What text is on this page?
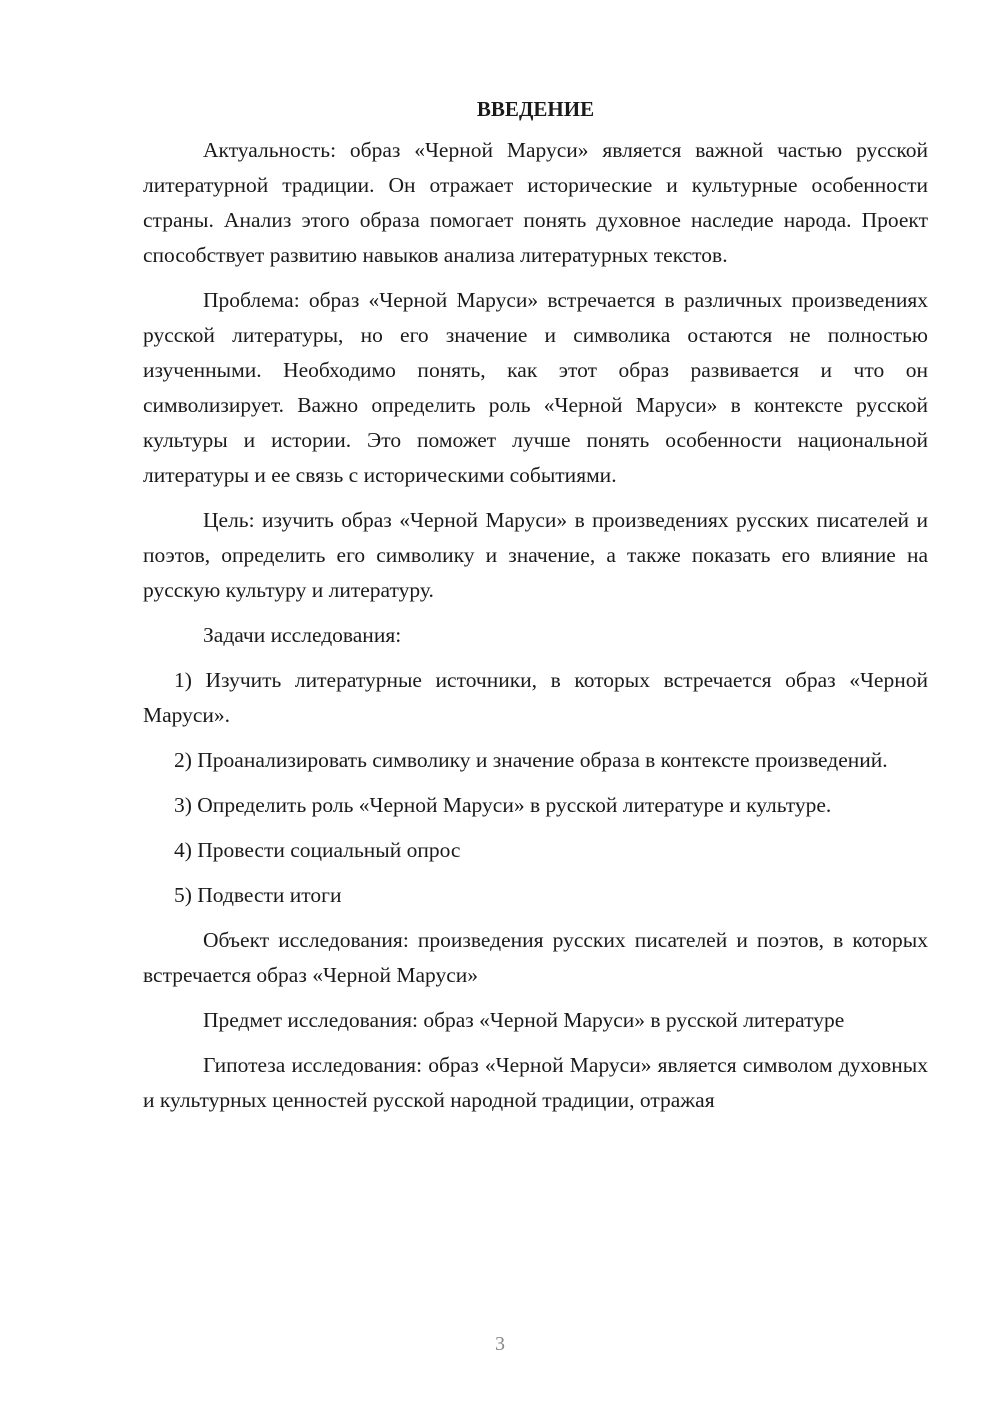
ВВЕДЕНИЕ

Актуальность: образ «Черной Маруси» является важной частью русской литературной традиции. Он отражает исторические и культурные особенности страны. Анализ этого образа помогает понять духовное наследие народа. Проект способствует развитию навыков анализа литературных текстов.

Проблема: образ «Черной Маруси» встречается в различных произведениях русской литературы, но его значение и символика остаются не полностью изученными. Необходимо понять, как этот образ развивается и что он символизирует. Важно определить роль «Черной Маруси» в контексте русской культуры и истории. Это поможет лучше понять особенности национальной литературы и ее связь с историческими событиями.

Цель: изучить образ «Черной Маруси» в произведениях русских писателей и поэтов, определить его символику и значение, а также показать его влияние на русскую культуру и литературу.

Задачи исследования:

1) Изучить литературные источники, в которых встречается образ «Черной Маруси».

2) Проанализировать символику и значение образа в контексте произведений.

3) Определить роль «Черной Маруси» в русской литературе и культуре.

4) Провести социальный опрос

5) Подвести итоги

Объект исследования: произведения русских писателей и поэтов, в которых встречается образ «Черной Маруси»

Предмет исследования: образ «Черной Маруси» в русской литературе

Гипотеза исследования: образ «Черной Маруси» является символом духовных и культурных ценностей русской народной традиции, отражая

3
